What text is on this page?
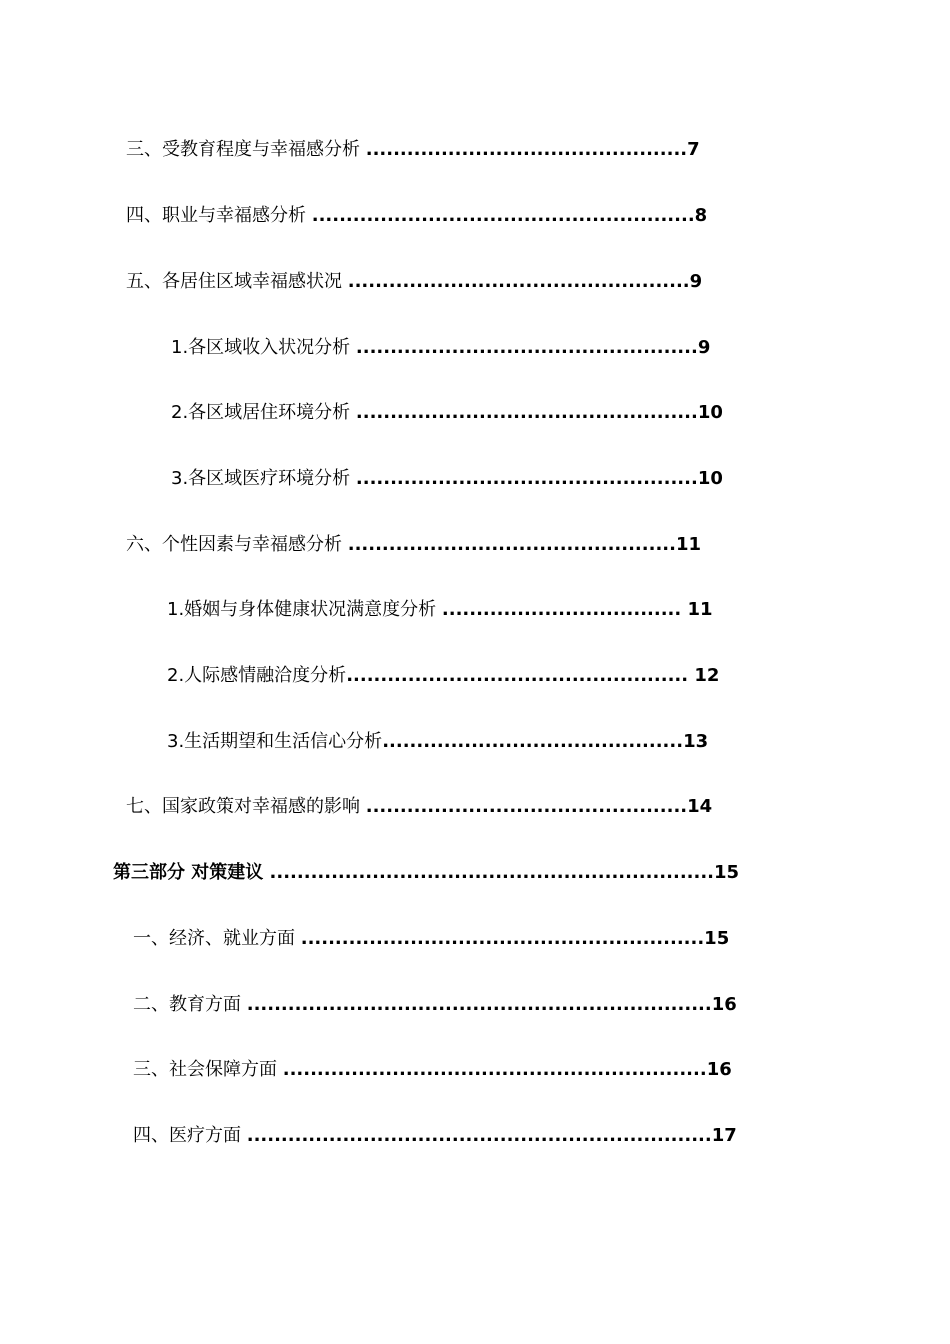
三、受教育程度与幸福感分析 ...............................................7
四、职业与幸福感分析 ........................................................8
五、各居住区域幸福感状况 ..................................................9
1.各区域收入状况分析 ..................................................9
2.各区域居住环境分析 ..................................................10
3.各区域医疗环境分析 ..................................................10
六、个性因素与幸福感分析 ................................................11
1.婚姻与身体健康状况满意度分析 ................................... 11
2.人际感情融洽度分析.................................................. 12
3.生活期望和生活信心分析............................................13
七、国家政策对幸福感的影响 ...............................................14
第三部分 对策建议 .................................................................15
一、经济、就业方面 ...........................................................15
二、教育方面 ....................................................................16
三、社会保障方面 ..............................................................16
四、医疗方面 ....................................................................17
